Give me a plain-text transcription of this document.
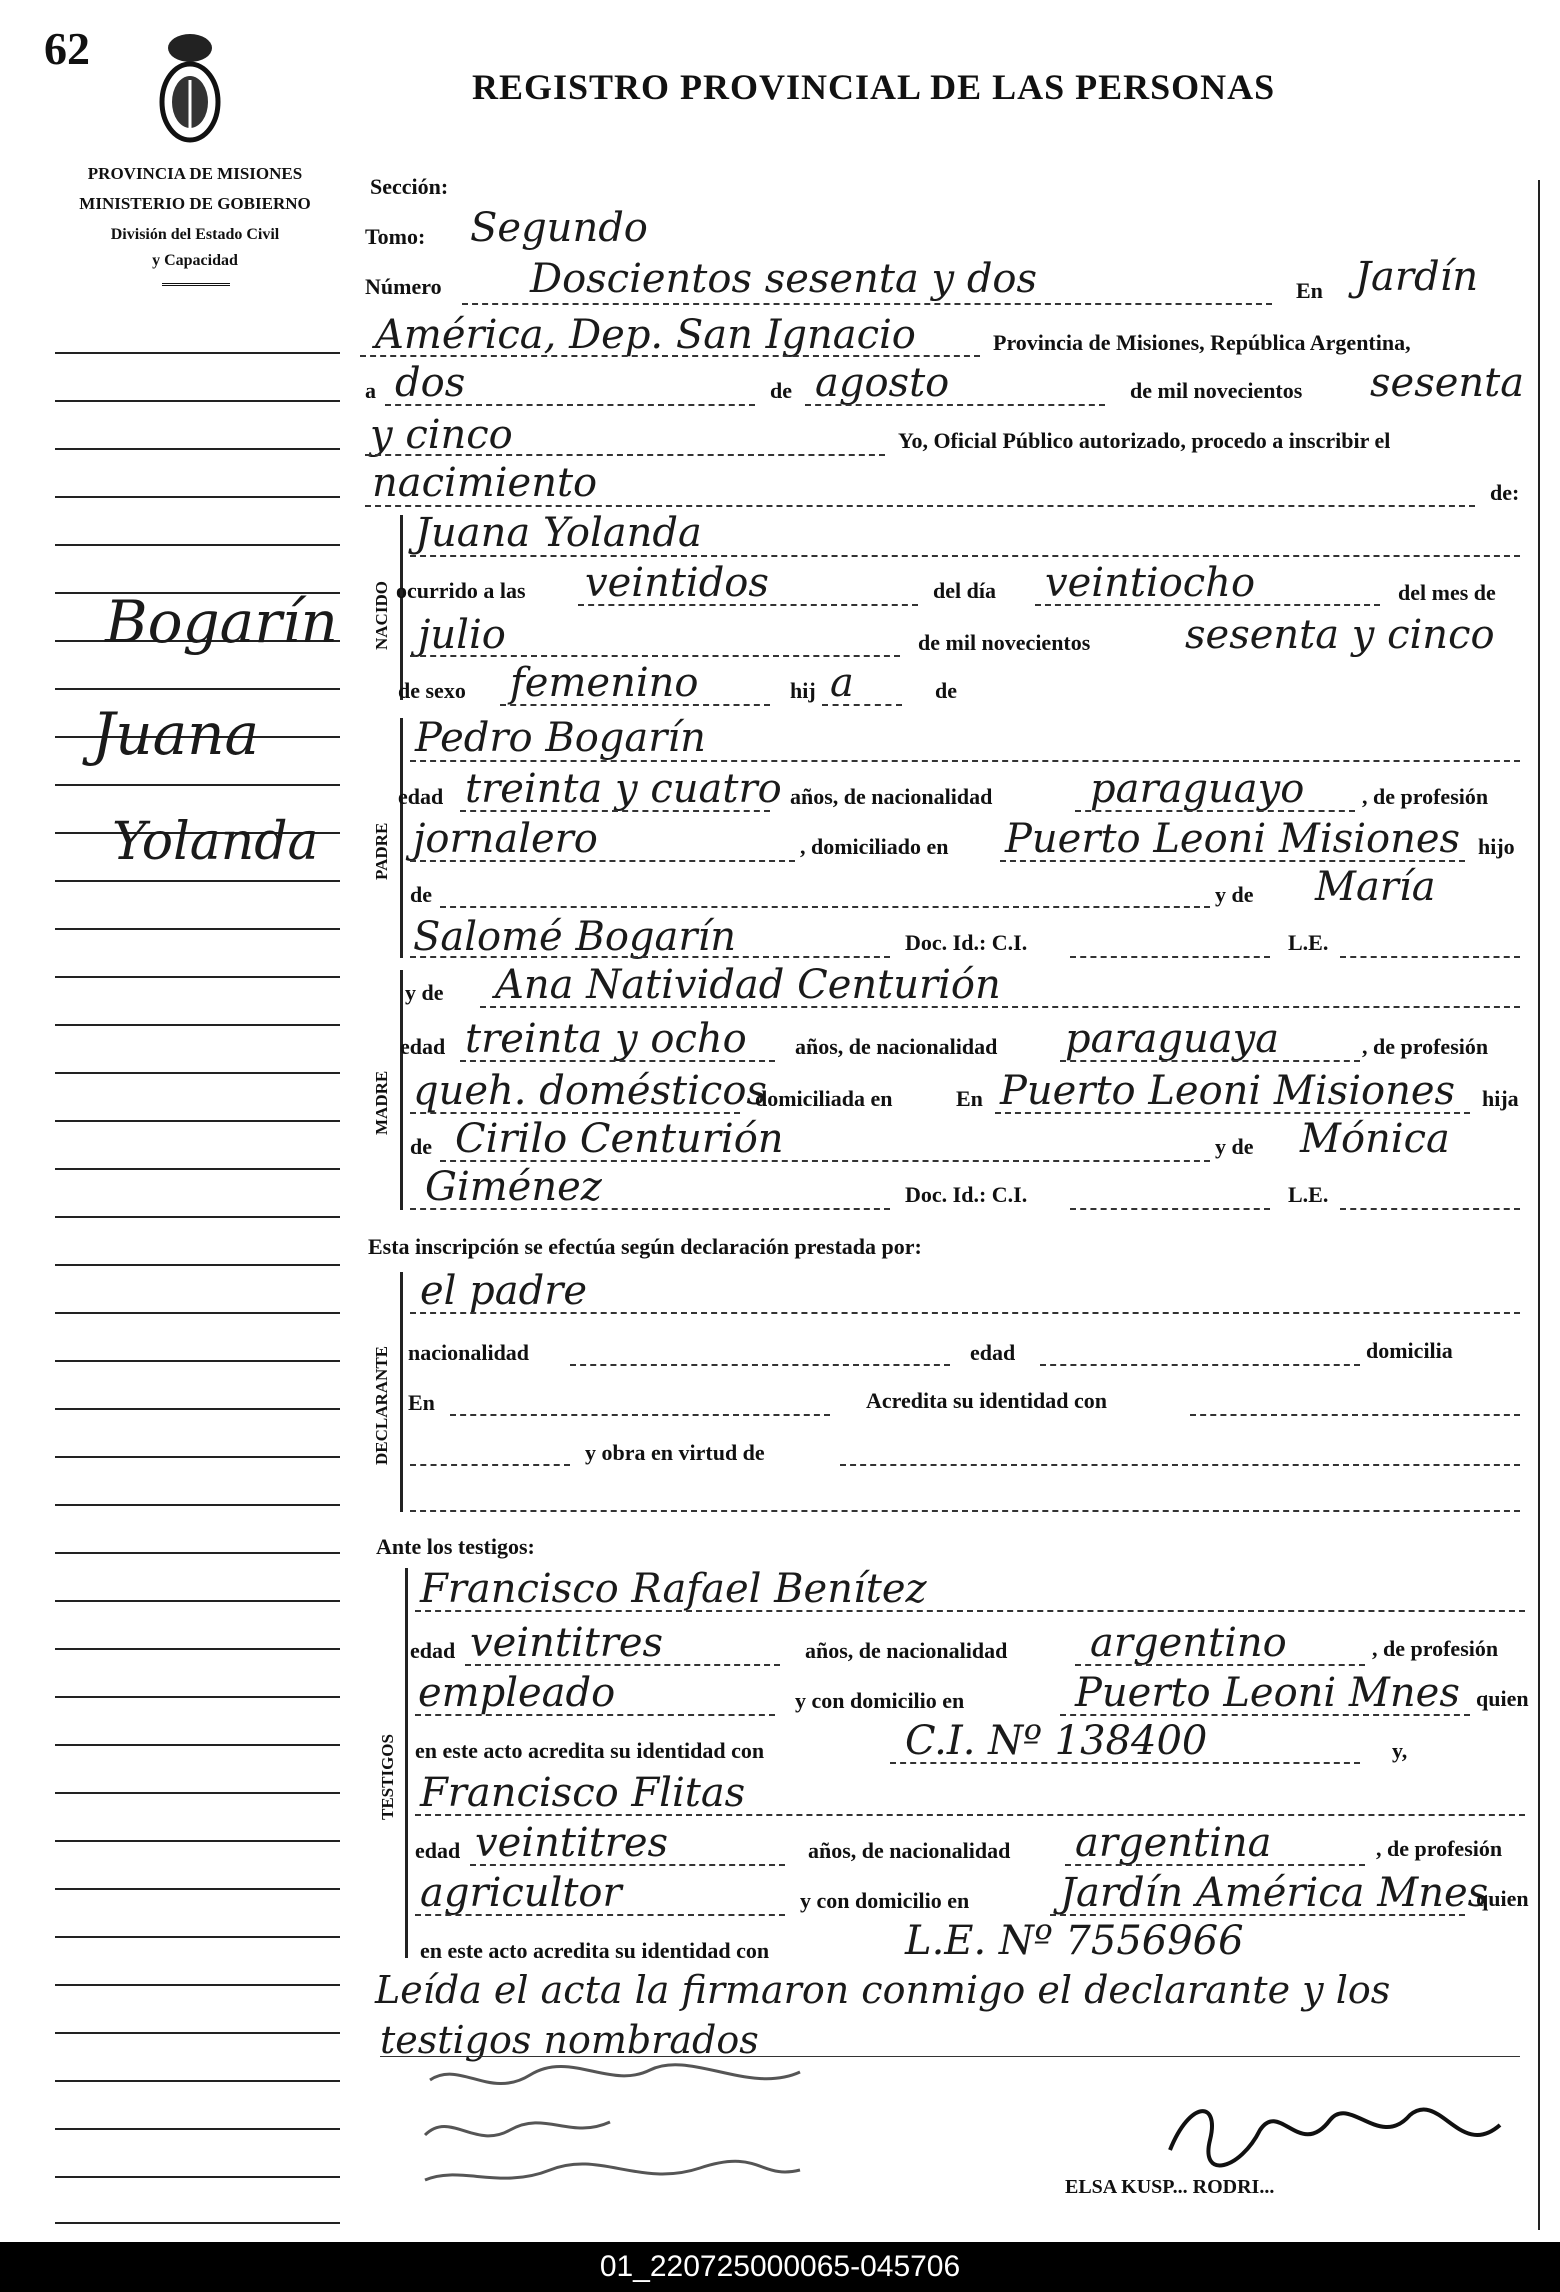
62
REGISTRO PROVINCIAL DE LAS PERSONAS
PROVINCIA DE MISIONES
MINISTERIO DE GOBIERNO
División del Estado Civil
y Capacidad
Bogarín
Juana
Yolanda
Sección:
Tomo: Segundo
Número Doscientos sesenta y dos	En Jardín
América, Dep. San Ignacio	Provincia de Misiones, República Argentina,
a dos	de agosto	de mil novecientos sesenta
y cinco	Yo, Oficial Público autorizado, procedo a inscribir el
nacimiento	de:
NACIDO
Juana Yolanda
ocurrido a las veintidos	del día veintiocho	del mes de
julio	de mil novecientos sesenta y cinco
de sexo femenino	hij a	de
PADRE
Pedro Bogarín
edad treinta y cuatro años, de nacionalidad paraguayo	, de profesión
jornalero	, domiciliado en Puerto Leoni Misiones hijo
de	y de María
Salomé Bogarín	Doc. Id.: C.I.	L.E.
MADRE
y de Ana Natividad Centurión
edad treinta y ocho años, de nacionalidad paraguaya	, de profesión
queh. domésticos
domiciliada en	En Puerto Leoni Misiones hija
de Cirilo Centurión	y de Mónica
Giménez	Doc. Id.: C.I.	L.E.
Esta inscripción se efectúa según declaración prestada por:
DECLARANTE
el padre
nacionalidad	edad	domicilia
En	Acredita su identidad con
y obra en virtud de
Ante los testigos:
TESTIGOS
Francisco Rafael Benítez
edad veintitres	años, de nacionalidad argentino	, de profesión
empleado	y con domicilio en	Puerto Leoni Mnes quien
en este acto acredita su identidad con	C.I. Nº 138400	y,
Francisco Flitas
edad veintitres	años, de nacionalidad argentina	, de profesión
agricultor	y con domicilio en Jardín América Mnes
quien
en este acto acredita su identidad con	L.E. Nº 7556966
Leída el acta la firmaron conmigo el declarante y los
testigos nombrados
ELSA KUSP... RODRI...
01_220725000065-045706
